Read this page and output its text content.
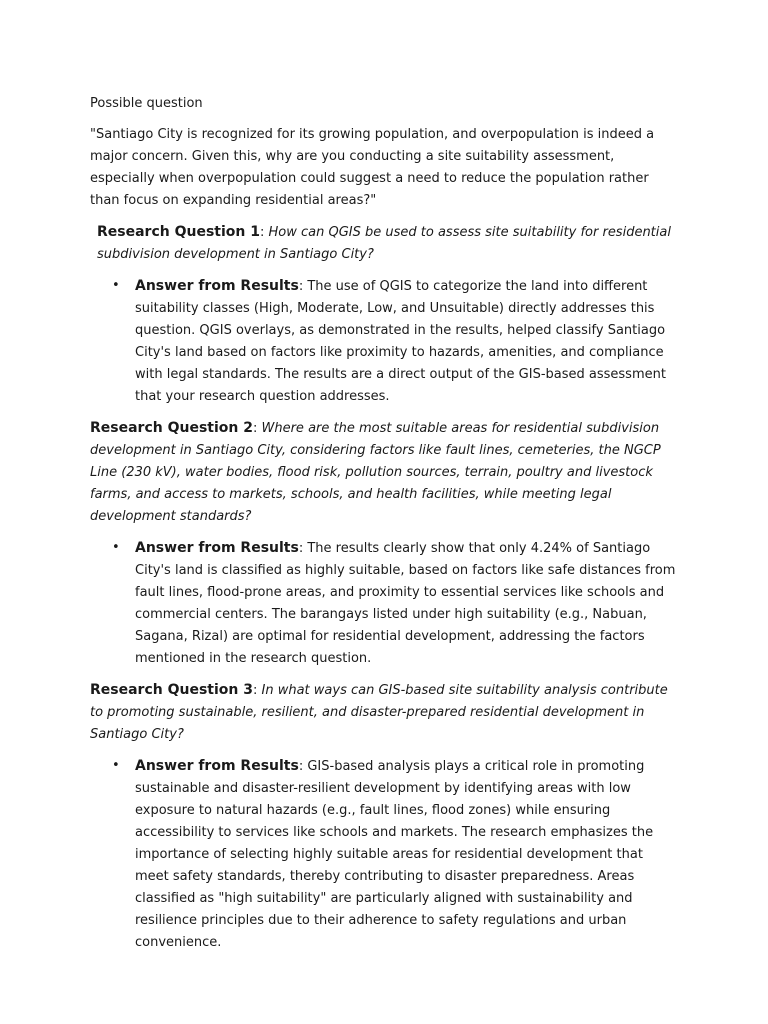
Possible question

"Santiago City is recognized for its growing population, and overpopulation is indeed a major concern. Given this, why are you conducting a site suitability assessment, especially when overpopulation could suggest a need to reduce the population rather than focus on expanding residential areas?"

Research Question 1: How can QGIS be used to assess site suitability for residential subdivision development in Santiago City?

• Answer from Results: The use of QGIS to categorize the land into different suitability classes (High, Moderate, Low, and Unsuitable) directly addresses this question. QGIS overlays, as demonstrated in the results, helped classify Santiago City's land based on factors like proximity to hazards, amenities, and compliance with legal standards. The results are a direct output of the GIS-based assessment that your research question addresses.

Research Question 2: Where are the most suitable areas for residential subdivision development in Santiago City, considering factors like fault lines, cemeteries, the NGCP Line (230 kV), water bodies, flood risk, pollution sources, terrain, poultry and livestock farms, and access to markets, schools, and health facilities, while meeting legal development standards?

• Answer from Results: The results clearly show that only 4.24% of Santiago City's land is classified as highly suitable, based on factors like safe distances from fault lines, flood-prone areas, and proximity to essential services like schools and commercial centers. The barangays listed under high suitability (e.g., Nabuan, Sagana, Rizal) are optimal for residential development, addressing the factors mentioned in the research question.

Research Question 3: In what ways can GIS-based site suitability analysis contribute to promoting sustainable, resilient, and disaster-prepared residential development in Santiago City?

• Answer from Results: GIS-based analysis plays a critical role in promoting sustainable and disaster-resilient development by identifying areas with low exposure to natural hazards (e.g., fault lines, flood zones) while ensuring accessibility to services like schools and markets. The research emphasizes the importance of selecting highly suitable areas for residential development that meet safety standards, thereby contributing to disaster preparedness. Areas classified as "high suitability" are particularly aligned with sustainability and resilience principles due to their adherence to safety regulations and urban convenience.
